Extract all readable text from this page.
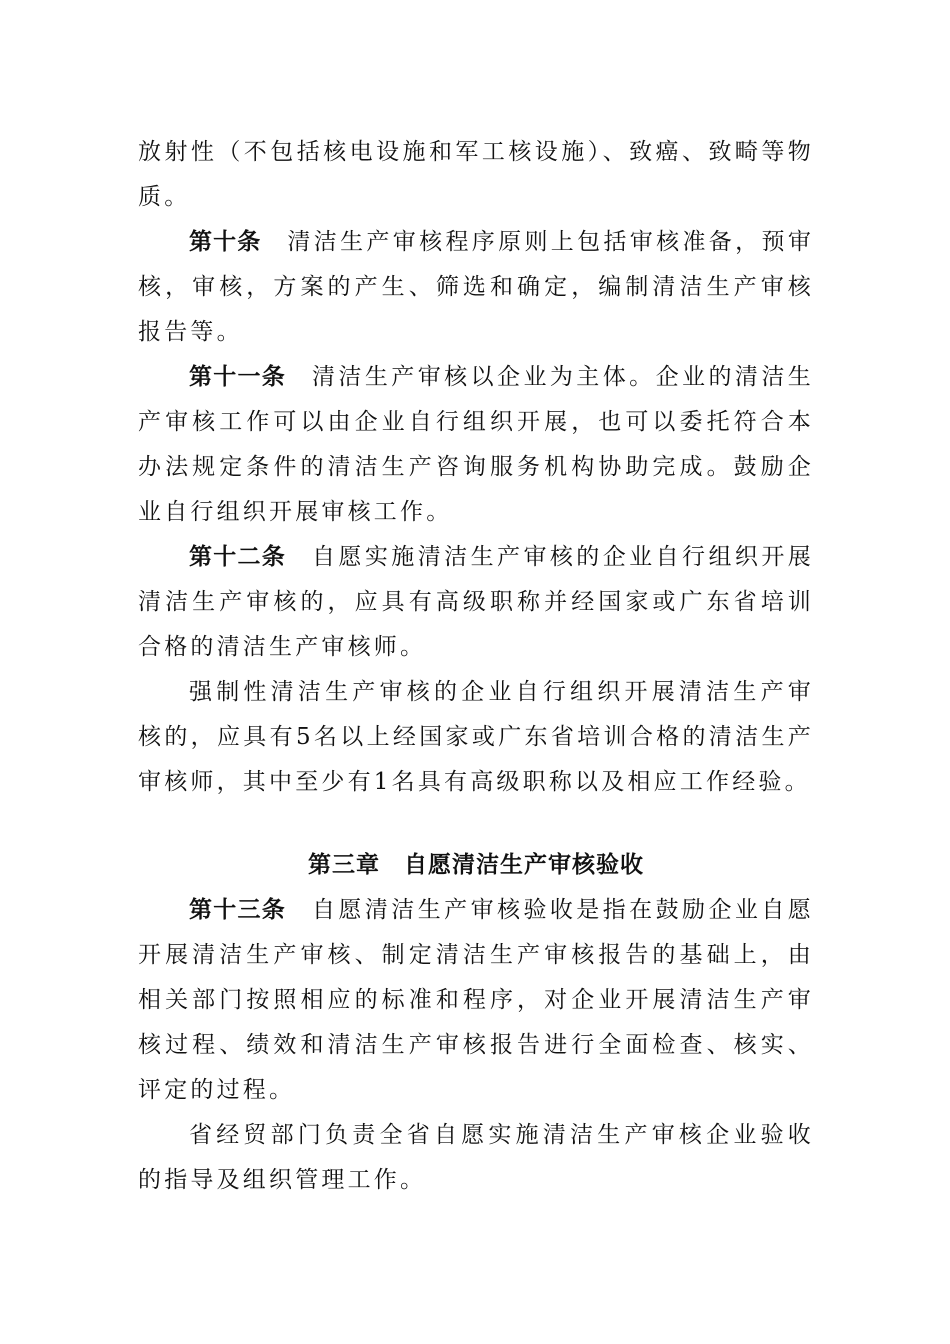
放射性（不包括核电设施和军工核设施）、致癌、致畸等物质。

第十条 清洁生产审核程序原则上包括审核准备，预审核，审核，方案的产生、筛选和确定，编制清洁生产审核报告等。

第十一条 清洁生产审核以企业为主体。企业的清洁生产审核工作可以由企业自行组织开展，也可以委托符合本办法规定条件的清洁生产咨询服务机构协助完成。鼓励企业自行组织开展审核工作。

第十二条 自愿实施清洁生产审核的企业自行组织开展清洁生产审核的，应具有高级职称并经国家或广东省培训合格的清洁生产审核师。

强制性清洁生产审核的企业自行组织开展清洁生产审核的，应具有5名以上经国家或广东省培训合格的清洁生产审核师，其中至少有1名具有高级职称以及相应工作经验。

第三章 自愿清洁生产审核验收

第十三条 自愿清洁生产审核验收是指在鼓励企业自愿开展清洁生产审核、制定清洁生产审核报告的基础上，由相关部门按照相应的标准和程序，对企业开展清洁生产审核过程、绩效和清洁生产审核报告进行全面检查、核实、评定的过程。

省经贸部门负责全省自愿实施清洁生产审核企业验收的指导及组织管理工作。
